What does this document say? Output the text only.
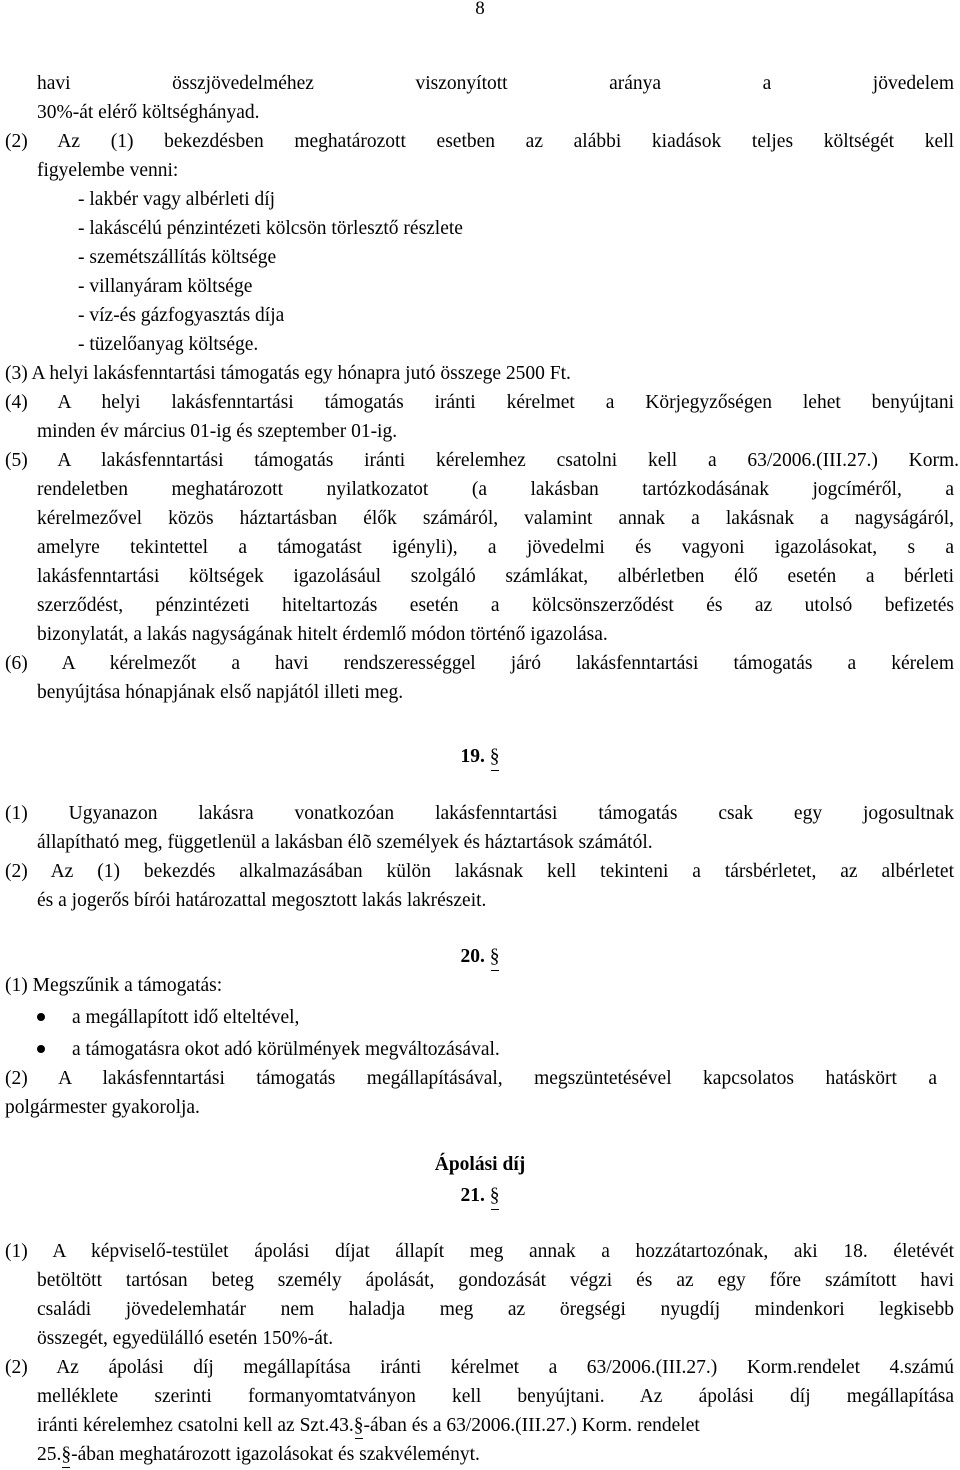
8
havi összjövedelméhez viszonyított aránya a jövedelem
30%-át elérő költséghányad.
(2) Az (1) bekezdésben meghatározott esetben az alábbi kiadások teljes költségét kell
figyelembe venni:
- lakbér vagy albérleti díj
- lakáscélú pénzintézeti kölcsön törlesztő részlete
- szemétszállítás költsége
- villanyáram költsége
- víz-és gázfogyasztás díja
- tüzelőanyag költsége.
(3) A helyi lakásfenntartási támogatás egy hónapra jutó összege 2500 Ft.
(4) A helyi lakásfenntartási támogatás iránti kérelmet a Körjegyzőségen lehet benyújtani
minden év március 01-ig és szeptember 01-ig.
(5) A lakásfenntartási támogatás iránti kérelemhez csatolni kell a 63/2006.(III.27.) Korm.
rendeletben meghatározott nyilatkozatot (a lakásban tartózkodásának jogcíméről, a
kérelmezővel közös háztartásban élők számáról, valamint annak a lakásnak a nagyságáról,
amelyre tekintettel a támogatást igényli), a jövedelmi és vagyoni igazolásokat, s a
lakásfenntartási költségek igazolásául szolgáló számlákat, albérletben élő esetén a bérleti
szerződést, pénzintézeti hiteltartozás esetén a kölcsönszerződést és az utolsó befizetés
bizonylatát, a lakás nagyságának hitelt érdemlő módon történő igazolása.
(6) A kérelmezőt a havi rendszerességgel járó lakásfenntartási támogatás a kérelem
benyújtása hónapjának első napjától illeti meg.
19. §
(1) Ugyanazon lakásra vonatkozóan lakásfenntartási támogatás csak egy jogosultnak
állapítható meg, függetlenül a lakásban élõ személyek és háztartások számától.
(2) Az (1) bekezdés alkalmazásában külön lakásnak kell tekinteni a társbérletet, az albérletet
és a jogerős bírói határozattal megosztott lakás lakrészeit.
20. §
(1) Megszűnik a támogatás:
a megállapított idő elteltével,
a támogatásra okot adó körülmények megváltozásával.
(2) A lakásfenntartási támogatás megállapításával, megszüntetésével kapcsolatos hatáskört a
polgármester gyakorolja.
Ápolási díj
21. §
(1) A képviselő-testület ápolási díjat állapít meg annak a hozzátartozónak, aki 18. életévét
betöltött tartósan beteg személy ápolását, gondozását végzi és az egy főre számított havi
családi jövedelemhatár nem haladja meg az öregségi nyugdíj mindenkori legkisebb
összegét, egyedülálló esetén 150%-át.
(2) Az ápolási díj megállapítása iránti kérelmet a 63/2006.(III.27.) Korm.rendelet 4.számú
melléklete szerinti formanyomtatványon kell benyújtani. Az ápolási díj megállapítása
iránti kérelemhez csatolni kell az Szt.43.§-ában és a 63/2006.(III.27.) Korm. rendelet
25.§-ában meghatározott igazolásokat és szakvéleményt.
